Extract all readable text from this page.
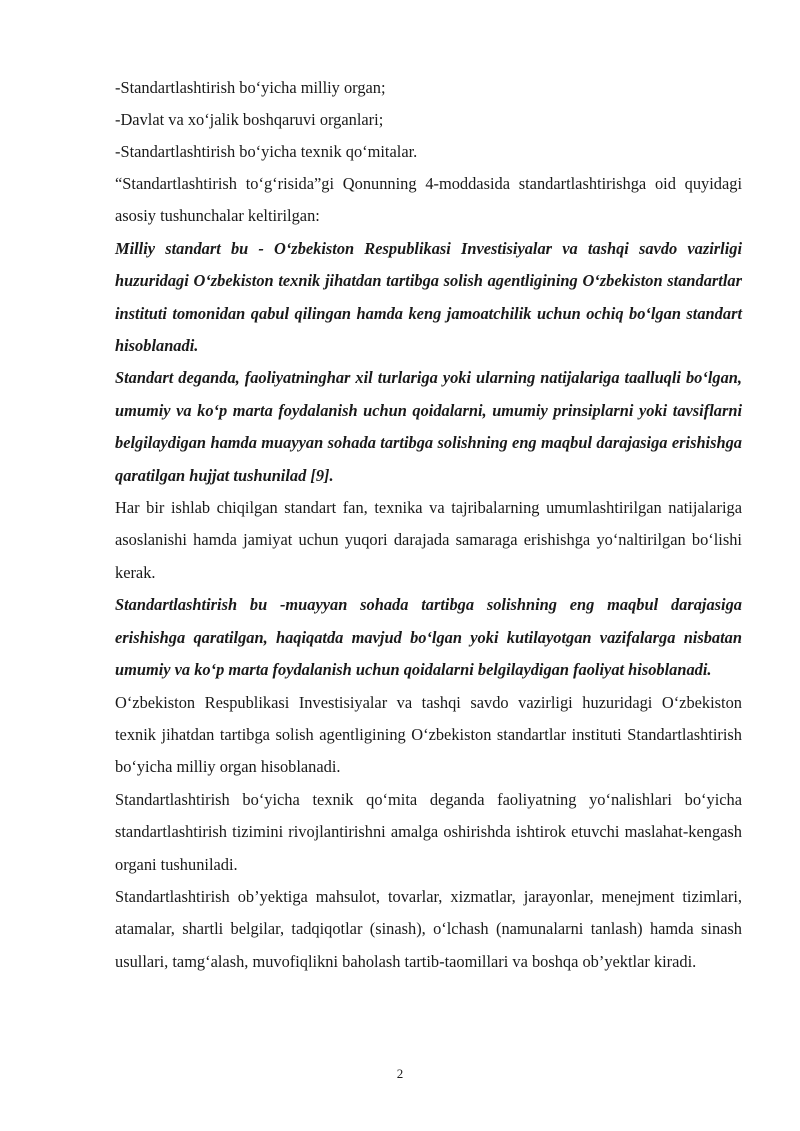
-Standartlashtirish bo‘yicha milliy organ;

-Davlat va xo‘jalik boshqaruvi organlari;

-Standartlashtirish bo‘yicha texnik qo‘mitalar.

“Standartlashtirish to‘g‘risida”gi Qonunning 4-moddasida standartlashtirishga oid quyidagi asosiy tushunchalar keltirilgan:

Milliy standart bu - O‘zbekiston Respublikasi Investisiyalar va tashqi savdo vazirligi huzuridagi O‘zbekiston texnik jihatdan tartibga solish agentligining O‘zbekiston standartlar instituti tomonidan qabul qilingan hamda keng jamoatchilik uchun ochiq bo‘lgan standart hisoblanadi.

Standart deganda, faoliyatninghar xil turlariga yoki ularning natijalariga taalluqli bo‘lgan, umumiy va ko‘p marta foydalanish uchun qoidalarni, umumiy prinsiplarni yoki tavsiflarni belgilaydigan hamda muayyan sohada tartibga solishning eng maqbul darajasiga erishishga qaratilgan hujjat tushunilad [9].

Har bir ishlab chiqilgan standart fan, texnika va tajribalarning umumlashtirilgan natijalariga asoslanishi hamda jamiyat uchun yuqori darajada samaraga erishishga yo‘naltirilgan bo‘lishi kerak.

Standartlashtirish bu -muayyan sohada tartibga solishning eng maqbul darajasiga erishishga qaratilgan, haqiqatda mavjud bo‘lgan yoki kutilayotgan vazifalarga nisbatan umumiy va ko‘p marta foydalanish uchun qoidalarni belgilaydigan faoliyat hisoblanadi.

O‘zbekiston Respublikasi Investisiyalar va tashqi savdo vazirligi huzuridagi O‘zbekiston texnik jihatdan tartibga solish agentligining O‘zbekiston standartlar instituti Standartlashtirish bo‘yicha milliy organ hisoblanadi.

Standartlashtirish bo‘yicha texnik qo‘mita deganda faoliyatning yo‘nalishlari bo‘yicha standartlashtirish tizimini rivojlantirishni amalga oshirishda ishtirok etuvchi maslahat-kengash organi tushuniladi.

Standartlashtirish ob’yektiga mahsulot, tovarlar, xizmatlar, jarayonlar, menejment tizimlari, atamalar, shartli belgilar, tadqiqotlar (sinash), o‘lchash (namunalarni tanlash) hamda sinash usullari, tamg‘alash, muvofiqlikni baholash tartib-taomillari va boshqa ob’yektlar kiradi.

2
